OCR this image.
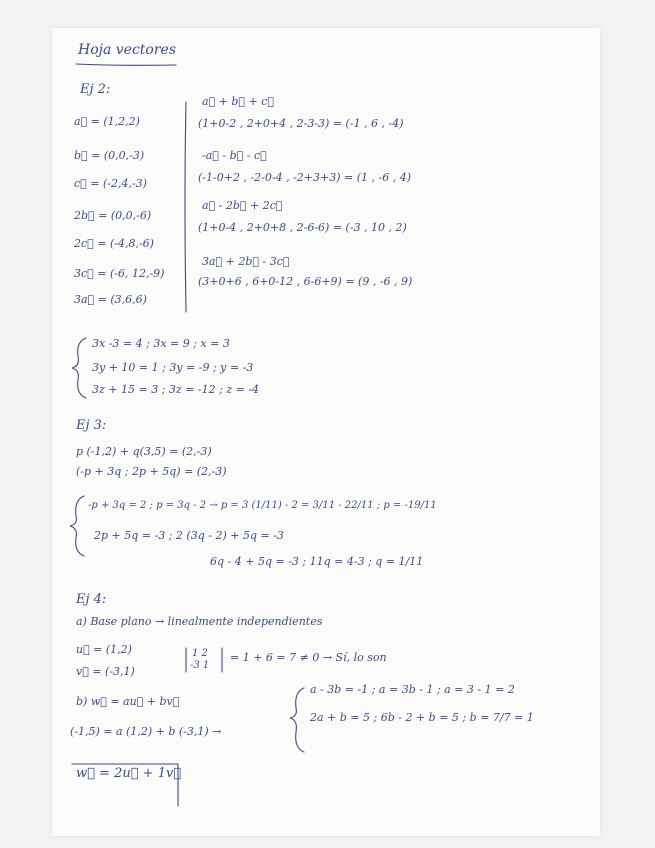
Hoja vectores
Ej 2:
a⃗ = (1,2,2)
b⃗ = (0,0,-3)
c⃗ = (-2,4,-3)
2b⃗ = (0,0,-6)
2c⃗ = (-4,8,-6)
3c⃗ = (-6, 12,-9)
3a⃗ = (3,6,6)
a⃗ + b⃗ + c⃗
(1+0-2 , 2+0+4 , 2-3-3) = (-1 , 6 , -4)
-a⃗ - b⃗ - c⃗
(-1-0+2 , -2-0-4 , -2+3+3) = (1 , -6 , 4)
a⃗ - 2b⃗ + 2c⃗
(1+0-4 , 2+0+8 , 2-6-6) = (-3 , 10 , 2)
3a⃗ + 2b⃗ - 3c⃗
(3+0+6 , 6+0-12 , 6-6+9) = (9 , -6 , 9)
3x -3 = 4 ; 3x = 9 ; x = 3
3y + 10 = 1 ; 3y = -9 ; y = -3
3z + 15 = 3 ; 3z = -12 ; z = -4
Ej 3:
p (-1,2) + q(3,5) = (2,-3)
(-p + 3q ; 2p + 5q) = (2,-3)
-p + 3q = 2 ; p = 3q - 2 → p = 3 (1/11) - 2 = 3/11 - 22/11 ; p = -19/11
2p + 5q = -3 ; 2 (3q - 2) + 5q = -3
6q - 4 + 5q = -3 ; 11q = 4-3 ; q = 1/11
Ej 4:
a) Base plano → linealmente independientes
u⃗ = (1,2)
v⃗ = (-3,1)
1 2
-3 1
= 1 + 6 = 7 ≠ 0 → Sí, lo son
b) w⃗ = au⃗ + bv⃗
(-1,5) = a (1,2) + b (-3,1) →
a - 3b = -1 ; a = 3b - 1 ; a = 3 - 1 = 2
2a + b = 5 ; 6b - 2 + b = 5 ; b = 7/7 = 1
w⃗ = 2u⃗ + 1v⃗
